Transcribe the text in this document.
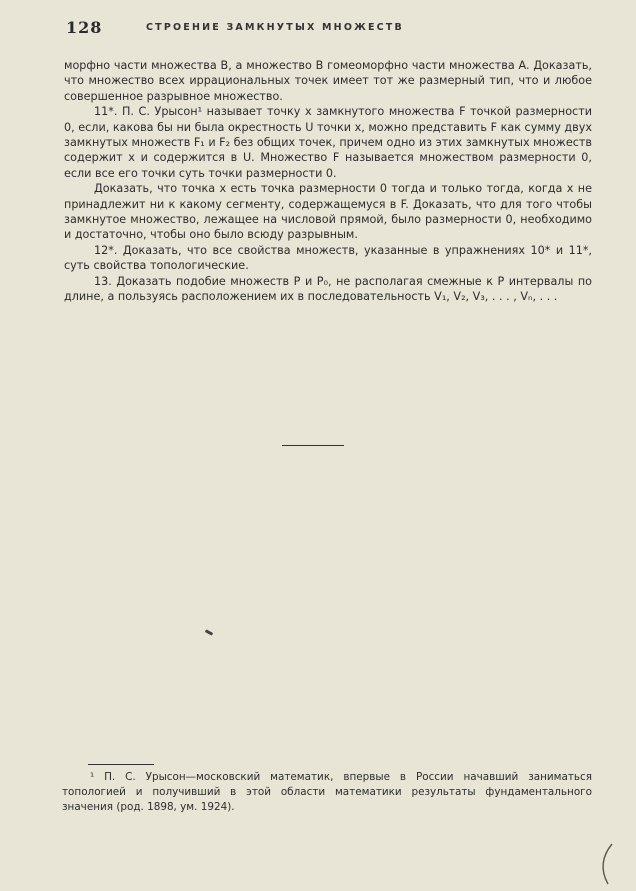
128	СТРОЕНИЕ ЗАМКНУТЫХ МНОЖЕСТВ

морфно части множества B, а множество B гомеоморфно части множества A. Доказать, что множество всех иррациональных точек имеет тот же размерный тип, что и любое совершенное разрывное множество.

11*. П. С. Урысон¹ называет точку x замкнутого множества F точкой размерности 0, если, какова бы ни была окрестность U точки x, можно представить F как сумму двух замкнутых множеств F₁ и F₂ без общих точек, причем одно из этих замкнутых множеств содержит x и содержится в U. Множество F называется множеством размерности 0, если все его точки суть точки размерности 0.

Доказать, что точка x есть точка размерности 0 тогда и только тогда, когда x не принадлежит ни к какому сегменту, содержащемуся в F. Доказать, что для того чтобы замкнутое множество, лежащее на числовой прямой, было размерности 0, необходимо и достаточно, чтобы оно было всюду разрывным.

12*. Доказать, что все свойства множеств, указанные в упражнениях 10* и 11*, суть свойства топологические.

13. Доказать подобие множеств P и P₀, не располагая смежные к P интервалы по длине, а пользуясь расположением их в последовательность V₁, V₂, V₃, . . . , Vₙ, . . .

¹ П. С. Урысон—московский математик, впервые в России начавший заниматься топологией и получивший в этой области математики результаты фундаментального значения (род. 1898, ум. 1924).
